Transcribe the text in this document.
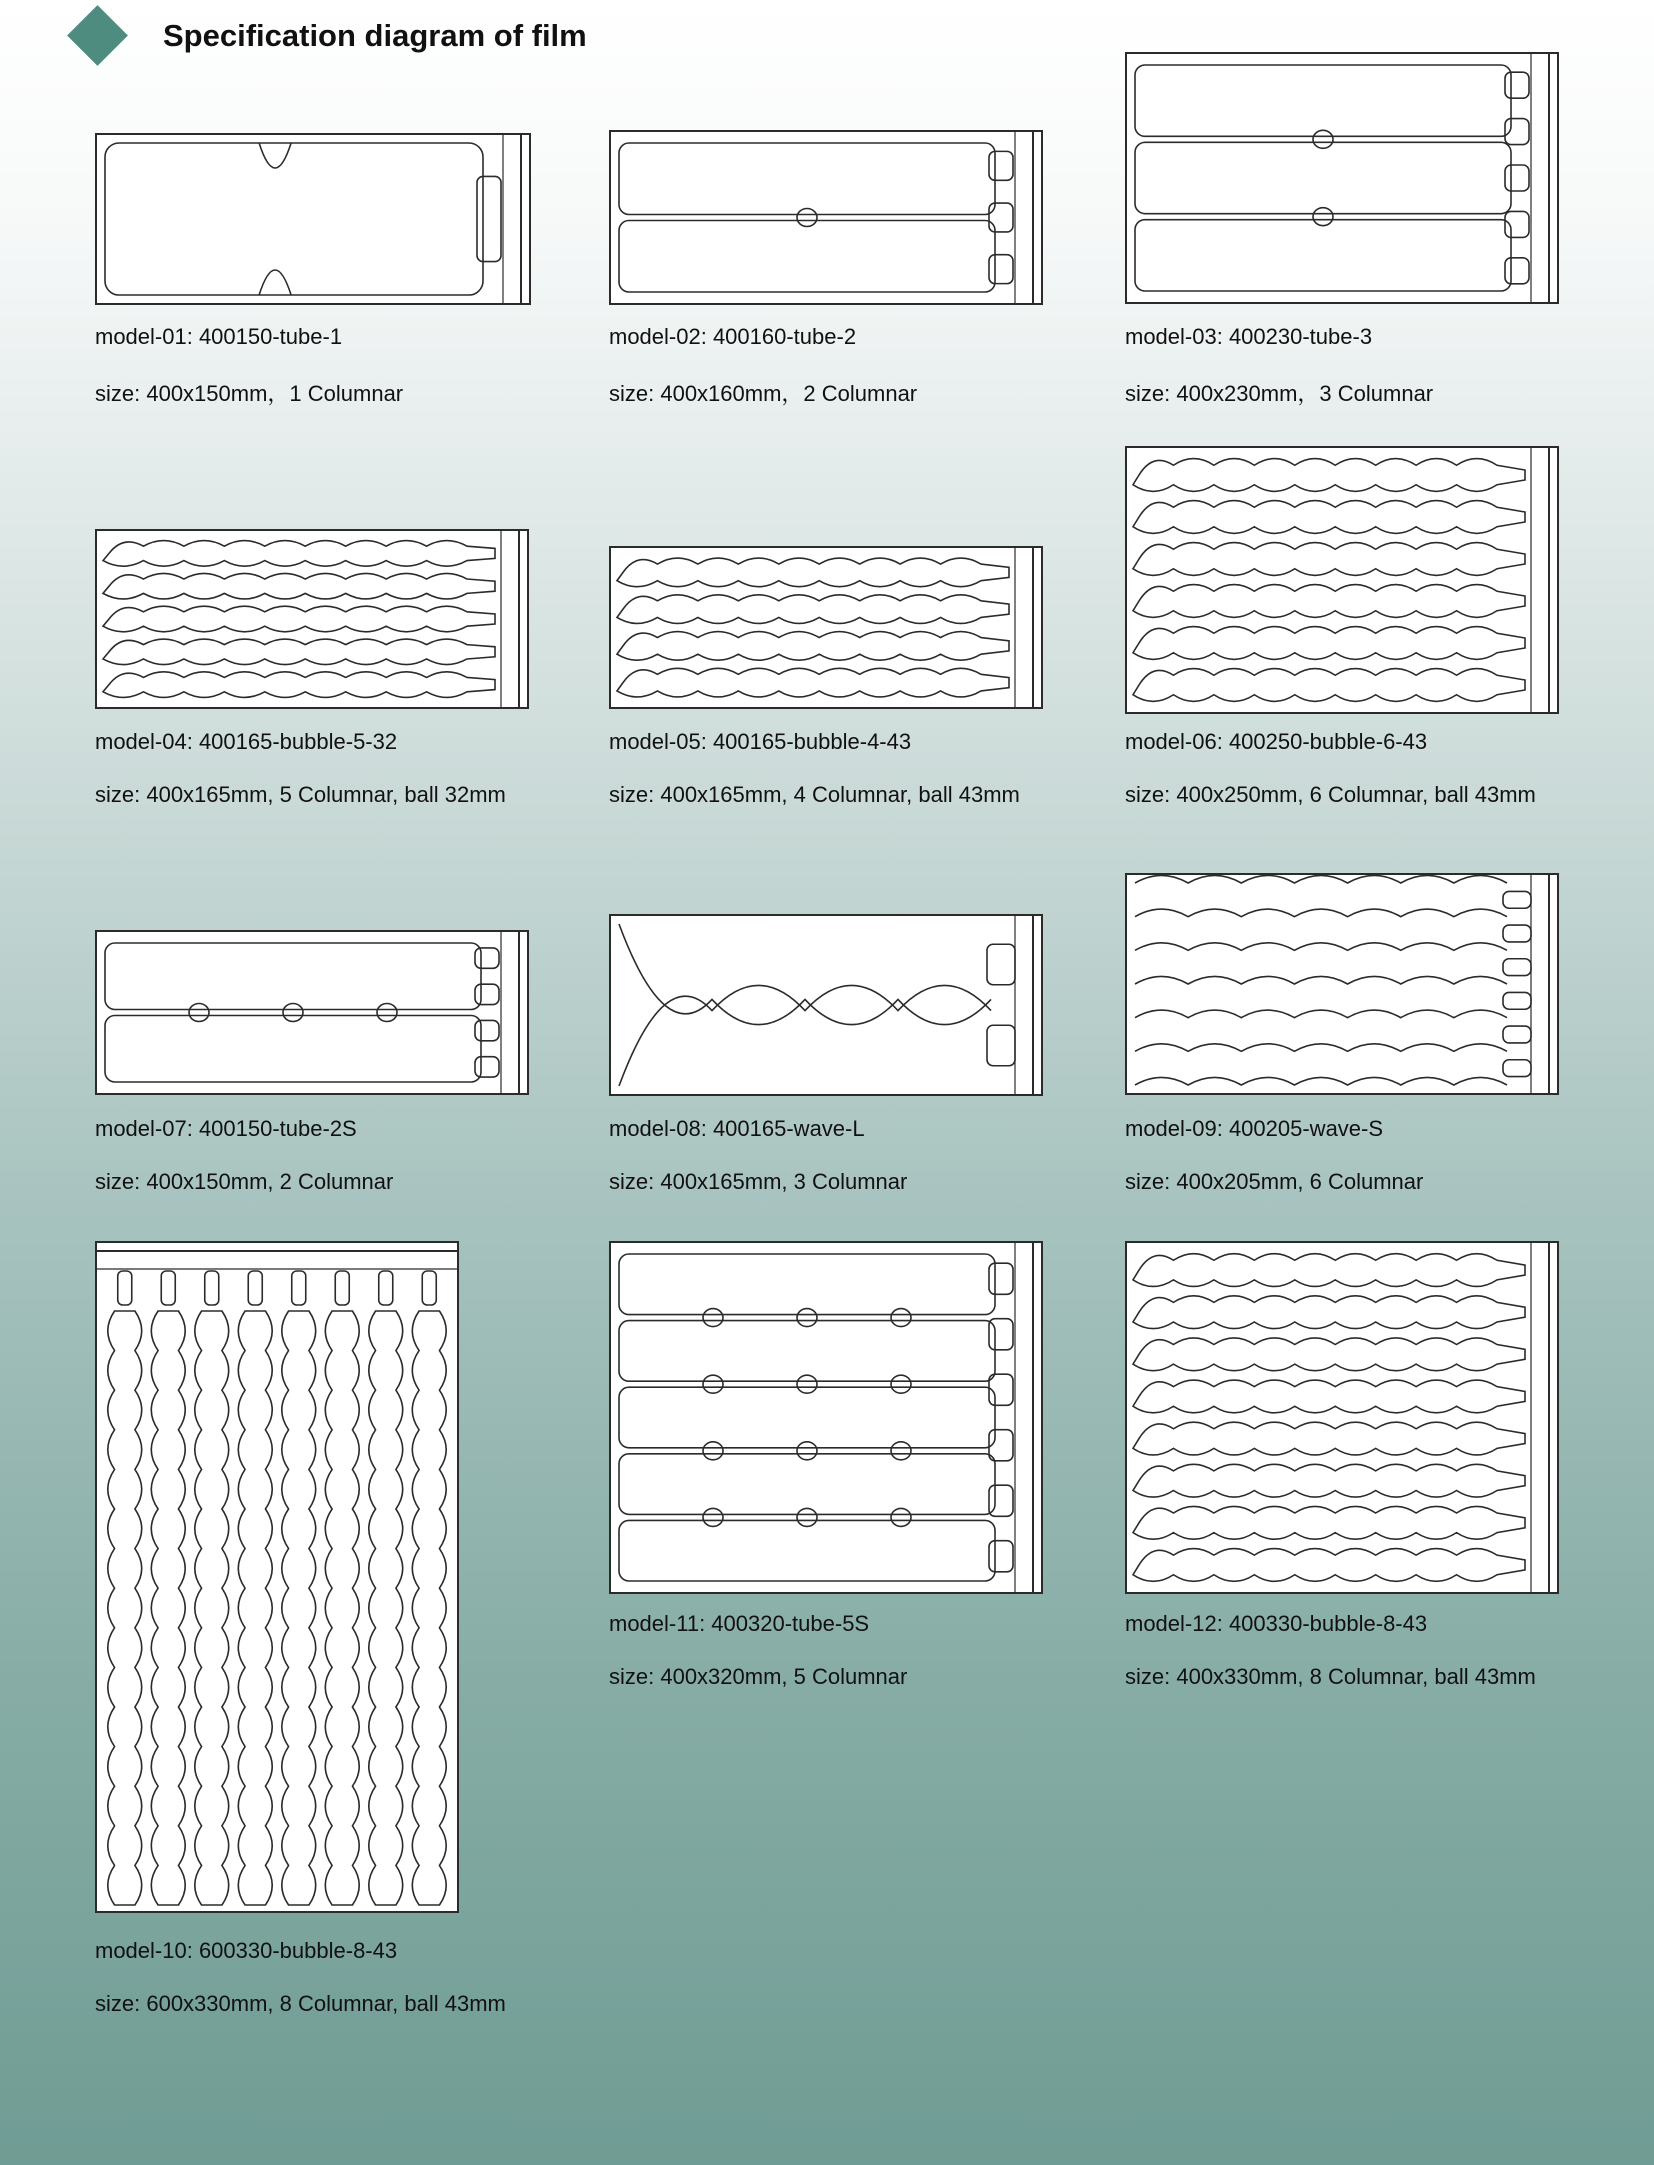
Specification diagram of film
model-01: 400150-tube-1
size: 400x150mm，1 Columnar
model-02: 400160-tube-2
size: 400x160mm，2 Columnar
model-03: 400230-tube-3
size: 400x230mm，3 Columnar
model-04: 400165-bubble-5-32
size: 400x165mm, 5 Columnar, ball 32mm
model-05: 400165-bubble-4-43
size: 400x165mm, 4 Columnar, ball 43mm
model-06: 400250-bubble-6-43
size: 400x250mm, 6 Columnar, ball 43mm
model-07: 400150-tube-2S
size: 400x150mm, 2 Columnar
model-08: 400165-wave-L
size: 400x165mm, 3 Columnar
model-09: 400205-wave-S
size: 400x205mm, 6 Columnar
model-10: 600330-bubble-8-43
size: 600x330mm, 8 Columnar, ball 43mm
model-11: 400320-tube-5S
size: 400x320mm, 5 Columnar
model-12: 400330-bubble-8-43
size: 400x330mm, 8 Columnar, ball 43mm
